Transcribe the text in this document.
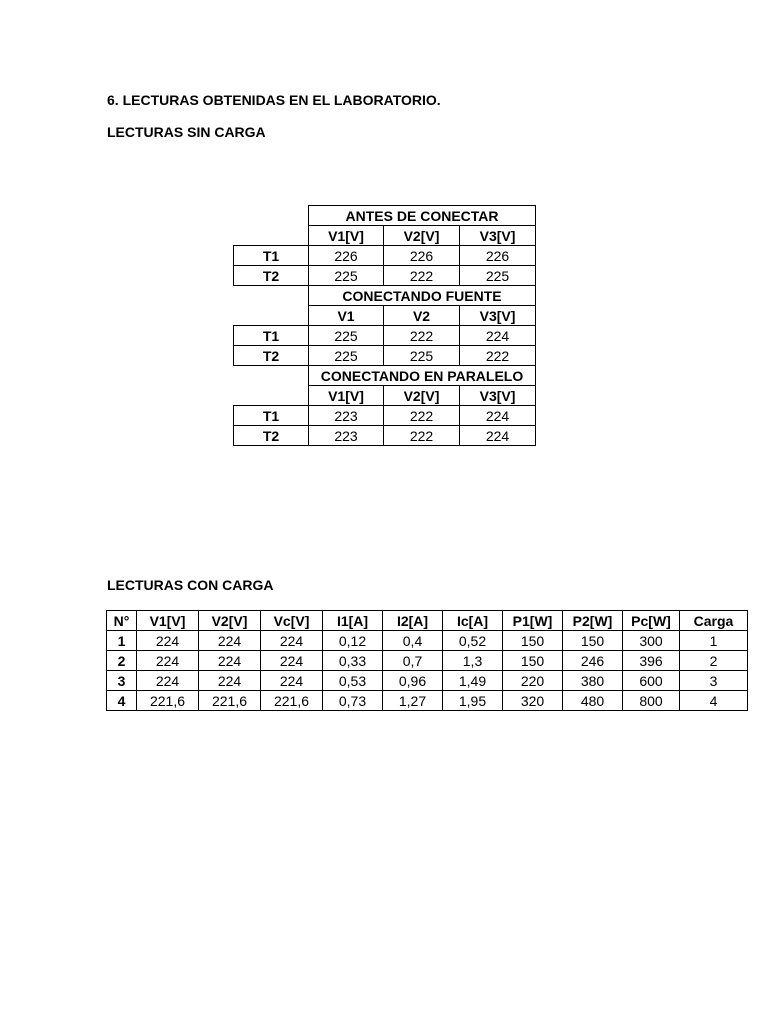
6. LECTURAS OBTENIDAS EN EL LABORATORIO.
LECTURAS SIN CARGA
	ANTES DE CONECTAR		
	V1[V]	V2[V]	V3[V]
T1	226	226	226
T2	225	222	225
	CONECTANDO FUENTE		
	V1	V2	V3[V]
T1	225	222	224
T2	225	225	222
	CONECTANDO EN PARALELO		
	V1[V]	V2[V]	V3[V]
T1	223	222	224
T2	223	222	224
LECTURAS CON CARGA
N°	V1[V]	V2[V]	Vc[V]	I1[A]	I2[A]	Ic[A]	P1[W]	P2[W]	Pc[W]	Carga
1	224	224	224	0,12	0,4	0,52	150	150	300	1
2	224	224	224	0,33	0,7	1,3	150	246	396	2
3	224	224	224	0,53	0,96	1,49	220	380	600	3
4	221,6	221,6	221,6	0,73	1,27	1,95	320	480	800	4
